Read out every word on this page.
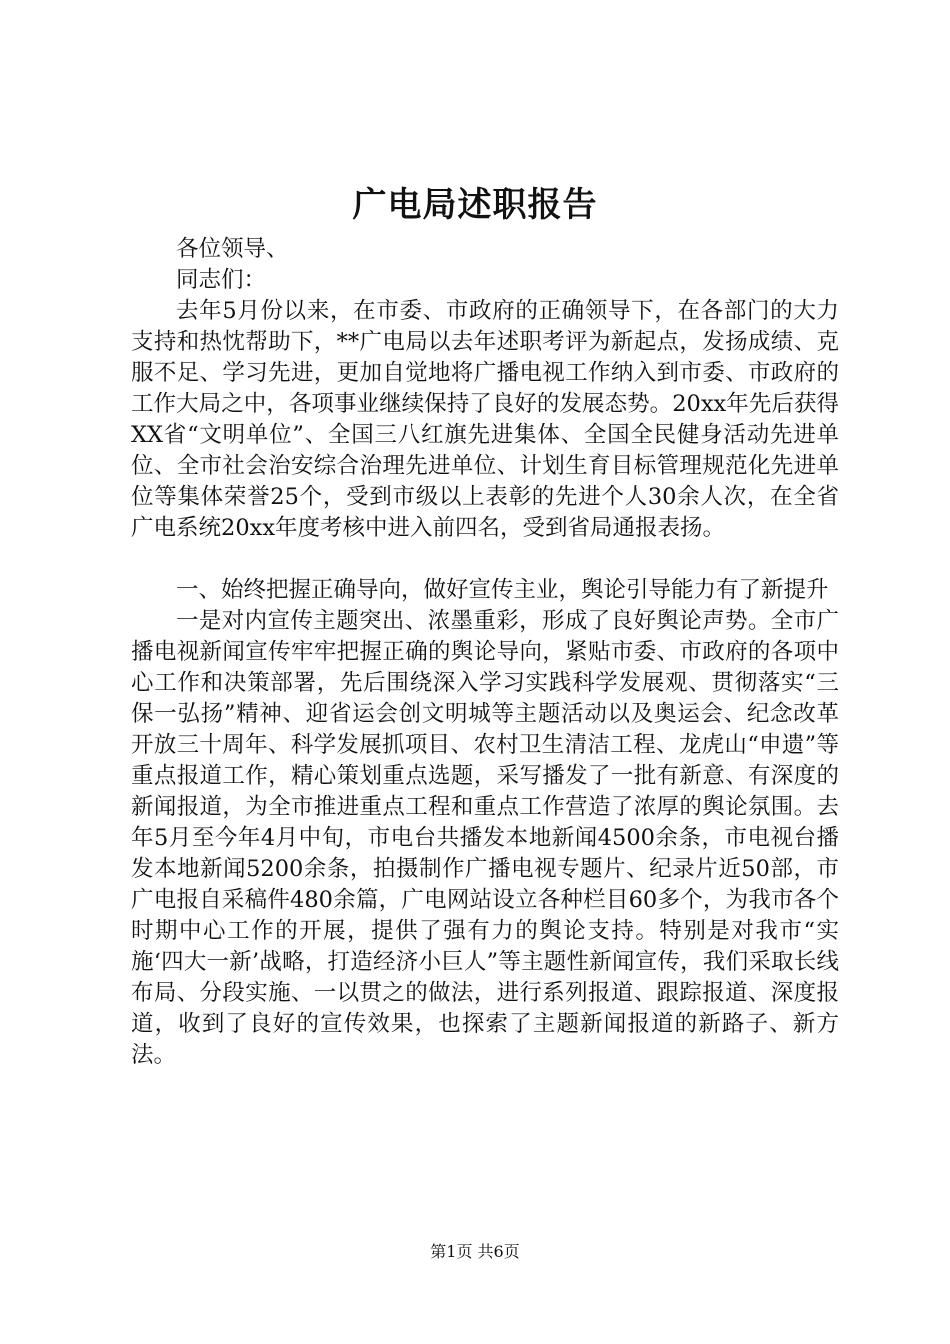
广电局述职报告

各位领导、

同志们：

去年5月份以来，在市委、市政府的正确领导下，在各部门的大力支持和热忱帮助下，**广电局以去年述职考评为新起点，发扬成绩、克服不足、学习先进，更加自觉地将广播电视工作纳入到市委、市政府的工作大局之中，各项事业继续保持了良好的发展态势。20xx年先后获得XX省“文明单位”、全国三八红旗先进集体、全国全民健身活动先进单位、全市社会治安综合治理先进单位、计划生育目标管理规范化先进单位等集体荣誉25个，受到市级以上表彰的先进个人30余人次，在全省广电系统20xx年度考核中进入前四名，受到省局通报表扬。

一、始终把握正确导向，做好宣传主业，舆论引导能力有了新提升

一是对内宣传主题突出、浓墨重彩，形成了良好舆论声势。全市广播电视新闻宣传牢牢把握正确的舆论导向，紧贴市委、市政府的各项中心工作和决策部署，先后围绕深入学习实践科学发展观、贯彻落实“三保一弘扬”精神、迎省运会创文明城等主题活动以及奥运会、纪念改革开放三十周年、科学发展抓项目、农村卫生清洁工程、龙虎山“申遗”等重点报道工作，精心策划重点选题，采写播发了一批有新意、有深度的新闻报道，为全市推进重点工程和重点工作营造了浓厚的舆论氛围。去年5月至今年4月中旬，市电台共播发本地新闻4500余条，市电视台播发本地新闻5200余条，拍摄制作广播电视专题片、纪录片近50部，市广电报自采稿件480余篇，广电网站设立各种栏目60多个，为我市各个时期中心工作的开展，提供了强有力的舆论支持。特别是对我市“实施‘四大一新’战略，打造经济小巨人”等主题性新闻宣传，我们采取长线布局、分段实施、一以贯之的做法，进行系列报道、跟踪报道、深度报道，收到了良好的宣传效果，也探索了主题新闻报道的新路子、新方法。

第1页 共6页
